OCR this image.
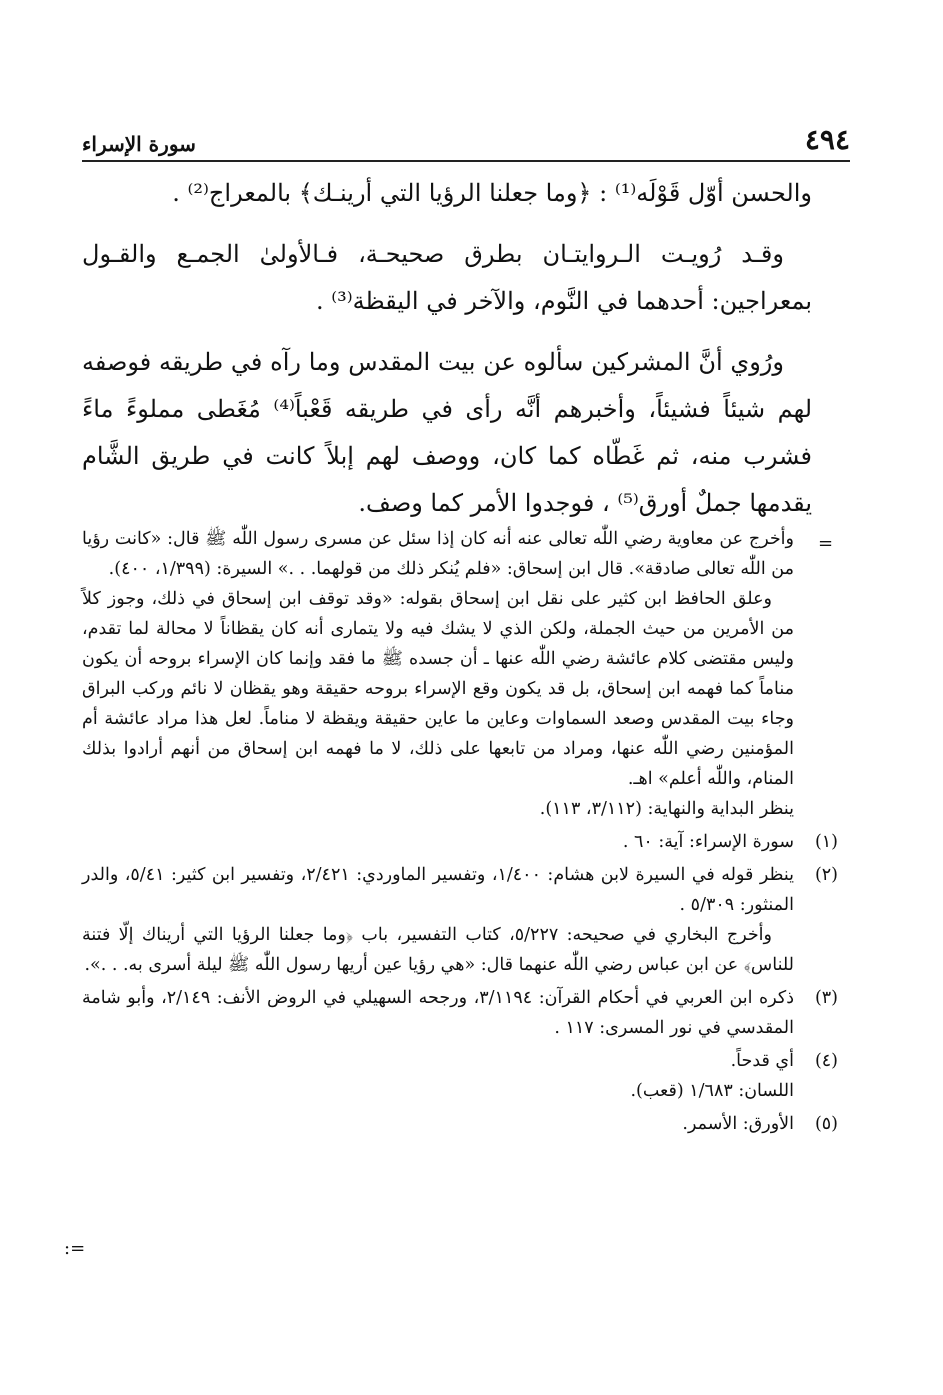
٤٩٤
سورة الإسراء

والحسن أوّل قَوْلَه⁽¹⁾ : ﴿وما جعلنا الرؤيا التي أرينـك﴾ بالمعراج⁽²⁾ .

وقـد رُويـت الـروايتـان بطرق صحيحـة، فـالأولىٰ الجمـع والقـول بمعراجين: أحدهما في النَّوم، والآخر في اليقظة⁽³⁾ .

ورُوي أنَّ المشركين سألوه عن بيت المقدس وما رآه في طريقه فوصفه لهم شيئاً فشيئاً، وأخبرهم أنَّه رأى في طريقه قَعْباً⁽⁴⁾ مُغَطى مملوءً ماءً فشرب منه، ثم غَطّاه كما كان، ووصف لهم إبلاً كانت في طريق الشَّام يقدمها جملٌ أورق⁽⁵⁾ ، فوجدوا الأمر كما وصف.

=

وأخرج عن معاوية رضي اللّٰه تعالى عنه أنه كان إذا سئل عن مسرى رسول اللّٰه ﷺ قال: «كانت رؤيا من اللّٰه تعالى صادقة». قال ابن إسحاق: «فلم يُنكر ذلك من قولهما. . .» السيرة: (١/٣٩٩، ٤٠٠).

وعلق الحافظ ابن كثير على نقل ابن إسحاق بقوله: «وقد توقف ابن إسحاق في ذلك، وجوز كلاً من الأمرين من حيث الجملة، ولكن الذي لا يشك فيه ولا يتمارى أنه كان يقظاناً لا محالة لما تقدم، وليس مقتضى كلام عائشة رضي اللّٰه عنها ـ أن جسده ﷺ ما فقد وإنما كان الإسراء بروحه أن يكون مناماً كما فهمه ابن إسحاق، بل قد يكون وقع الإسراء بروحه حقيقة وهو يقظان لا نائم وركب البراق وجاء بيت المقدس وصعد السماوات وعاين ما عاين حقيقة ويقظة لا مناماً. لعل هذا مراد عائشة أم المؤمنين رضي اللّٰه عنها، ومراد من تابعها على ذلك، لا ما فهمه ابن إسحاق من أنهم أرادوا بذلك المنام، واللّٰه أعلم» اهـ.

ينظر البداية والنهاية: (٣/١١٢، ١١٣).

(١)

سورة الإسراء: آية: ٦٠ .

(٢)

ينظر قوله في السيرة لابن هشام: ١/٤٠٠، وتفسير الماوردي: ٢/٤٢١، وتفسير ابن كثير: ٥/٤١، والدر المنثور: ٥/٣٠٩ .

وأخرج البخاري في صحيحه: ٥/٢٢٧، كتاب التفسير، باب ﴿وما جعلنا الرؤيا التي أريناك إلّا فتنة للناس﴾ عن ابن عباس رضي اللّٰه عنهما قال: «هي رؤيا عين أريها رسول اللّٰه ﷺ ليلة أسرى به. . .».

(٣)

ذكره ابن العربي في أحكام القرآن: ٣/١١٩٤، ورجحه السهيلي في الروض الأنف: ٢/١٤٩، وأبو شامة المقدسي في نور المسرى: ١١٧ .

(٤)

أي قدحاً.

اللسان: ١/٦٨٣ (قعب).

(٥)

الأورق: الأسمر.

=:
